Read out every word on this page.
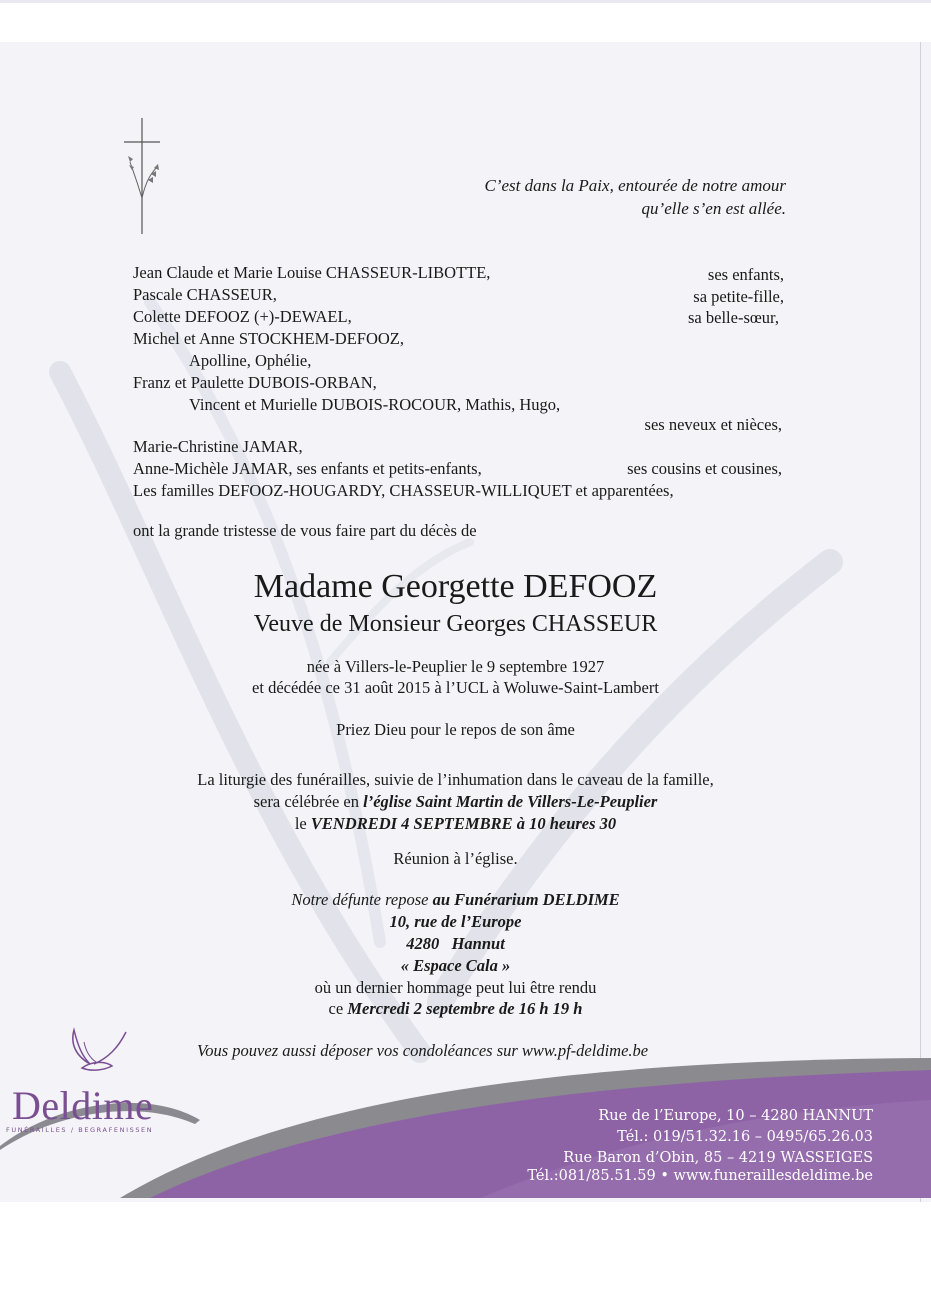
C’est dans la Paix, entourée de notre amour
qu’elle s’en est allée.
Jean Claude et Marie Louise CHASSEUR-LIBOTTE,
Pascale CHASSEUR,
Colette DEFOOZ (+)-DEWAEL,
Michel et Anne STOCKHEM-DEFOOZ,
Apolline, Ophélie,
Franz et Paulette DUBOIS-ORBAN,
Vincent et Murielle DUBOIS-ROCOUR, Mathis, Hugo,
Marie-Christine JAMAR,
Anne-Michèle JAMAR, ses enfants et petits-enfants,
Les familles DEFOOZ-HOUGARDY, CHASSEUR-WILLIQUET et apparentées,
ses enfants,
sa petite-fille,
sa belle-sœur,
ses neveux et nièces,
ses cousins et cousines,
ont la grande tristesse de vous faire part du décès de
Madame Georgette DEFOOZ
Veuve de Monsieur Georges CHASSEUR
née à Villers-le-Peuplier le 9 septembre 1927
et décédée ce 31 août 2015 à l’UCL à Woluwe-Saint-Lambert
Priez Dieu pour le repos de son âme
La liturgie des funérailles, suivie de l’inhumation dans le caveau de la famille,
sera célébrée en l’église Saint Martin de Villers-Le-Peuplier
le VENDREDI 4 SEPTEMBRE à 10 heures 30
Réunion à l’église.
Notre défunte repose au Funérarium DELDIME
10, rue de l’Europe
4280   Hannut
« Espace Cala »
où un dernier hommage peut lui être rendu
ce Mercredi 2 septembre de 16 h 19 h
Vous pouvez aussi déposer vos condoléances sur www.pf-deldime.be
Deldime
FUNÉRAILLES / BEGRAFENISSEN
Rue de l’Europe, 10 – 4280 HANNUT
Tél.: 019/51.32.16 – 0495/65.26.03
Rue Baron d’Obin, 85 – 4219 WASSEIGES
Tél.:081/85.51.59 • www.funeraillesdeldime.be
